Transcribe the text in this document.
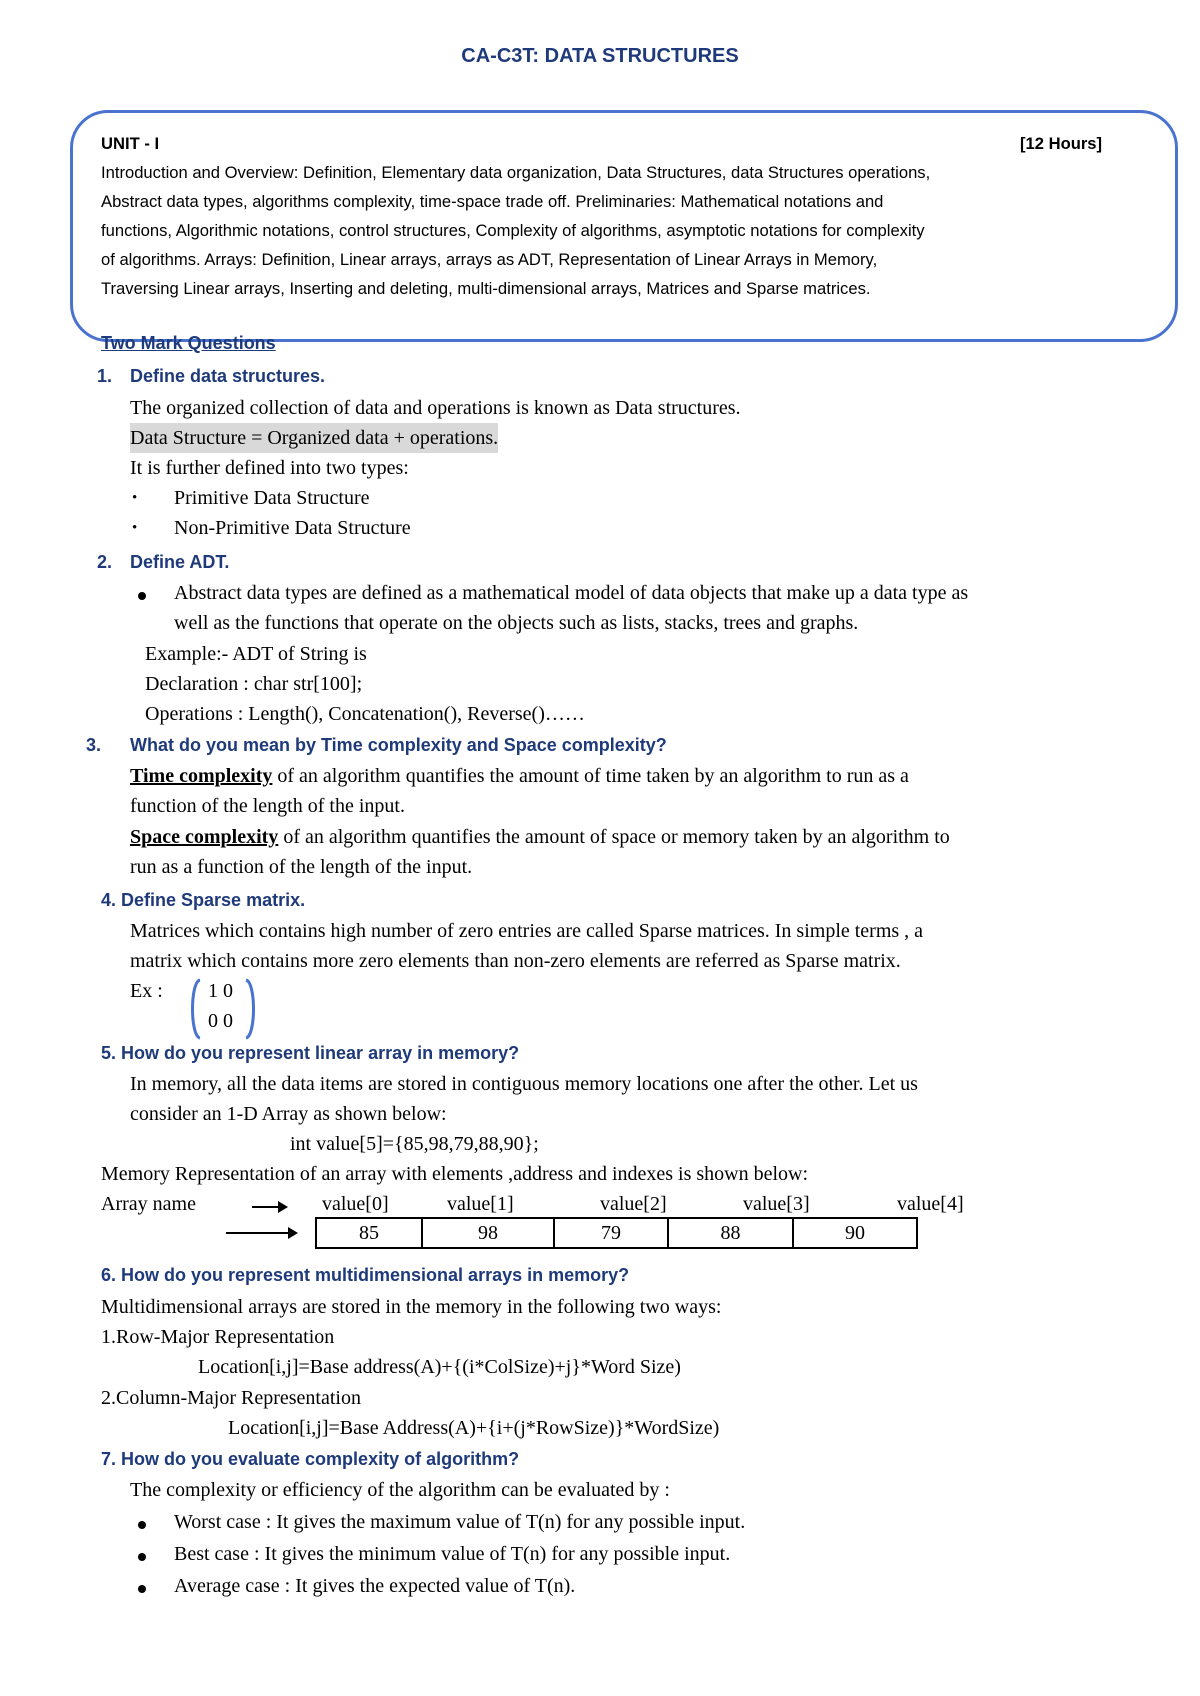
CA-C3T: DATA STRUCTURES
UNIT - I	[12 Hours]
Introduction and Overview: Definition, Elementary data organization, Data Structures, data Structures operations,
Abstract data types, algorithms complexity, time-space trade off. Preliminaries: Mathematical notations and
functions, Algorithmic notations, control structures, Complexity of algorithms, asymptotic notations for complexity
of algorithms. Arrays: Definition, Linear arrays, arrays as ADT, Representation of Linear Arrays in Memory,
Traversing Linear arrays, Inserting and deleting, multi-dimensional arrays, Matrices and Sparse matrices.
Two Mark Questions
1. Define data structures.
The organized collection of data and operations is known as Data structures.
Data Structure = Organized data + operations.
It is further defined into two types:
• Primitive Data Structure
• Non-Primitive Data Structure
2. Define ADT.
Abstract data types are defined as a mathematical model of data objects that make up a data type as
well as the functions that operate on the objects such as lists, stacks, trees and graphs.
Example:- ADT of String is
Declaration : char str[100];
Operations : Length(), Concatenation(), Reverse()……
3. What do you mean by Time complexity and Space complexity?
Time complexity of an algorithm quantifies the amount of time taken by an algorithm to run as a
function of the length of the input.
Space complexity of an algorithm quantifies the amount of space or memory taken by an algorithm to
run as a function of the length of the input.
4. Define Sparse matrix.
Matrices which contains high number of zero entries are called Sparse matrices. In simple terms , a
matrix which contains more zero elements than non-zero elements are referred as Sparse matrix.
Ex : 1 0
0 0
5. How do you represent linear array in memory?
In memory, all the data items are stored in contiguous memory locations one after the other. Let us
consider an 1-D Array as shown below:
int value[5]={85,98,79,88,90};
Memory Representation of an array with elements ,address and indexes is shown below:
Array name	value[0]	value[1]	value[2]	value[3]	value[4]
85	98	79	88	90
6. How do you represent multidimensional arrays in memory?
Multidimensional arrays are stored in the memory in the following two ways:
1.Row-Major Representation
Location[i,j]=Base address(A)+{(i*ColSize)+j}*Word Size)
2.Column-Major Representation
Location[i,j]=Base Address(A)+{i+(j*RowSize)}*WordSize)
7. How do you evaluate complexity of algorithm?
The complexity or efficiency of the algorithm can be evaluated by :
Worst case : It gives the maximum value of T(n) for any possible input.
Best case : It gives the minimum value of T(n) for any possible input.
Average case : It gives the expected value of T(n).
